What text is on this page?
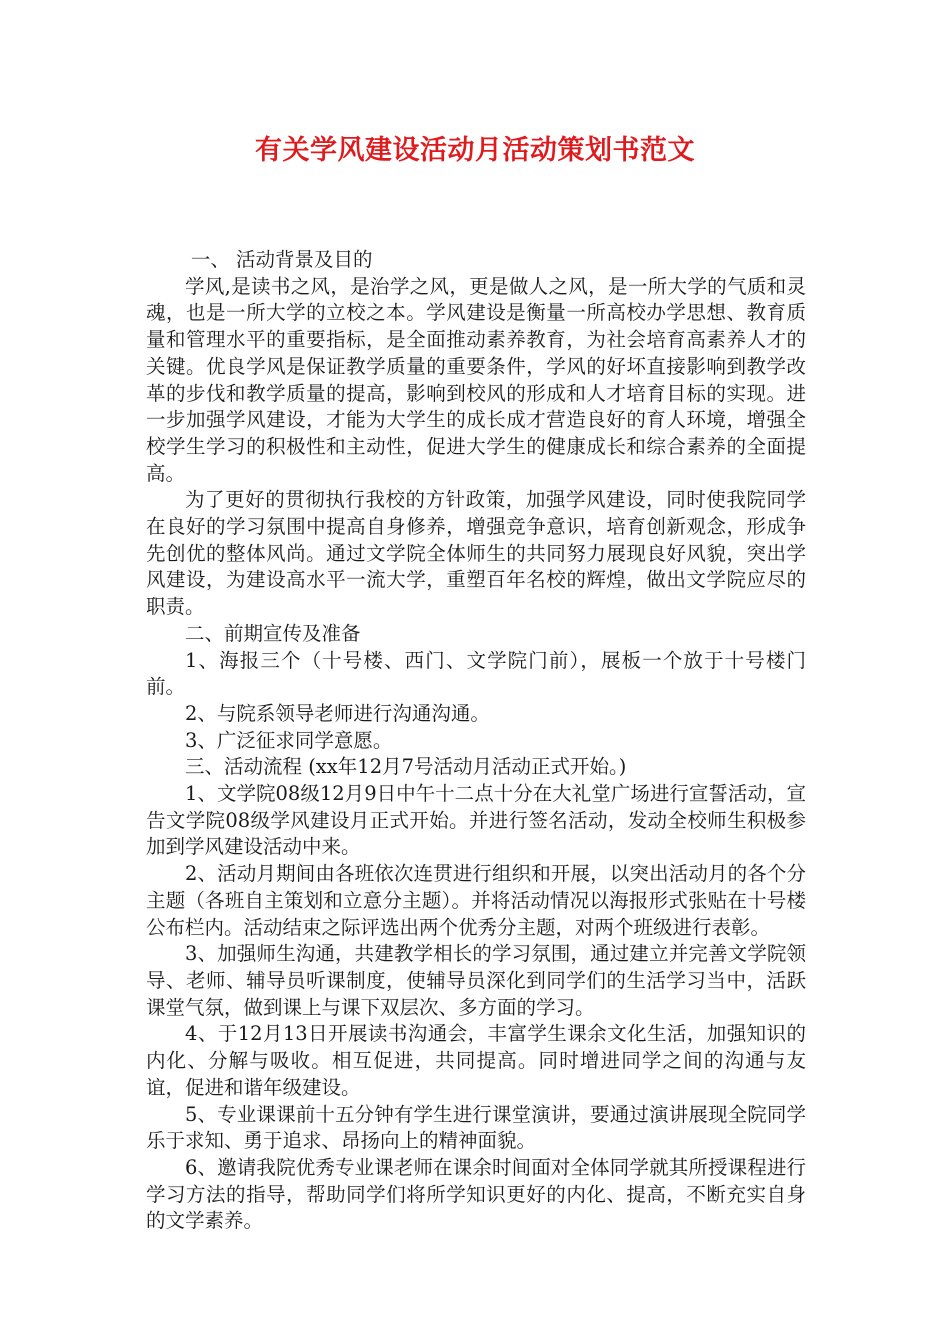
有关学风建设活动月活动策划书范文

一、 活动背景及目的

学风,是读书之风，是治学之风，更是做人之风，是一所大学的气质和灵魂，也是一所大学的立校之本。学风建设是衡量一所高校办学思想、教育质量和管理水平的重要指标，是全面推动素养教育，为社会培育高素养人才的关键。优良学风是保证教学质量的重要条件，学风的好坏直接影响到教学改革的步伐和教学质量的提高，影响到校风的形成和人才培育目标的实现。进一步加强学风建设，才能为大学生的成长成才营造良好的育人环境，增强全校学生学习的积极性和主动性，促进大学生的健康成长和综合素养的全面提高。

为了更好的贯彻执行我校的方针政策，加强学风建设，同时使我院同学在良好的学习氛围中提高自身修养，增强竞争意识，培育创新观念，形成争先创优的整体风尚。通过文学院全体师生的共同努力展现良好风貌，突出学风建设，为建设高水平一流大学，重塑百年名校的辉煌，做出文学院应尽的职责。

二、前期宣传及准备

1、海报三个（十号楼、西门、文学院门前），展板一个放于十号楼门前。

2、与院系领导老师进行沟通沟通。

3、广泛征求同学意愿。

三、活动流程 (xx年12月7号活动月活动正式开始。)

1、文学院08级12月9日中午十二点十分在大礼堂广场进行宣誓活动，宣告文学院08级学风建设月正式开始。并进行签名活动，发动全校师生积极参加到学风建设活动中来。

2、活动月期间由各班依次连贯进行组织和开展，以突出活动月的各个分主题（各班自主策划和立意分主题）。并将活动情况以海报形式张贴在十号楼公布栏内。活动结束之际评选出两个优秀分主题，对两个班级进行表彰。

3、加强师生沟通，共建教学相长的学习氛围，通过建立并完善文学院领导、老师、辅导员听课制度，使辅导员深化到同学们的生活学习当中，活跃课堂气氛，做到课上与课下双层次、多方面的学习。

4、于12月13日开展读书沟通会，丰富学生课余文化生活，加强知识的内化、分解与吸收。相互促进，共同提高。同时增进同学之间的沟通与友谊，促进和谐年级建设。

5、专业课课前十五分钟有学生进行课堂演讲，要通过演讲展现全院同学乐于求知、勇于追求、昂扬向上的精神面貌。

6、邀请我院优秀专业课老师在课余时间面对全体同学就其所授课程进行学习方法的指导，帮助同学们将所学知识更好的内化、提高，不断充实自身的文学素养。
